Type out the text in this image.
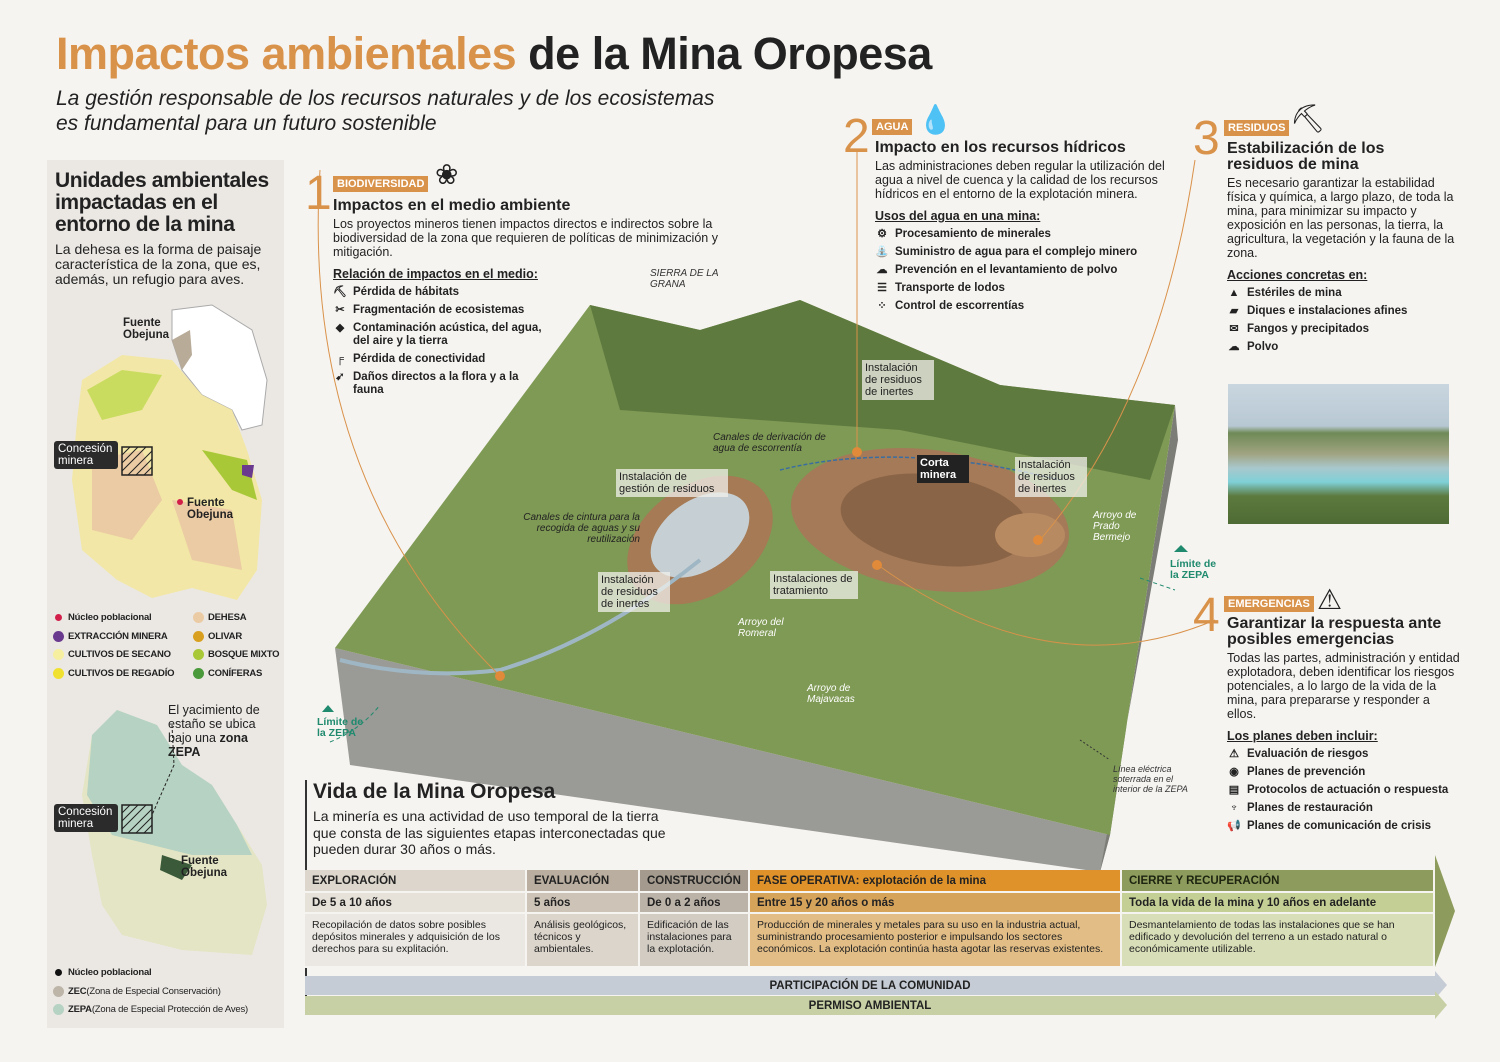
Impactos ambientales de la Mina Oropesa
La gestión responsable de los recursos naturales y de los ecosistemas
es fundamental para un futuro sostenible
Unidades ambientales impactadas en el entorno de la mina
La dehesa es la forma de paisaje característica de la zona, que es, además, un refugio para aves.
Fuente Obejuna
Concesión minera
Fuente Obejuna
Núcleo poblacional	DEHESA
EXTRACCIÓN MINERA	OLIVAR
CULTIVOS DE SECANO	BOSQUE MIXTO
CULTIVOS DE REGADÍO	CONÍFERAS
El yacimiento de estaño se ubica bajo una zona ZEPA
Concesión minera
Fuente Obejuna
Núcleo poblacional
ZEC (Zona de Especial Conservación)
ZEPA (Zona de Especial Protección de Aves)
SIERRA DE LA GRANA
Canales de derivación de agua de escorrentía
Instalación de residuos de inertes
Instalación de gestión de residuos
Corta minera
Instalación de residuos de inertes
Canales de cintura para la recogida de aguas y su reutilización
Instalación de residuos de inertes
Instalaciones de tratamiento
Arroyo de Prado Bermejo
Arroyo del Romeral
Arroyo de Majavacas
Línea eléctrica soterrada en el interior de la ZEPA
Límite de la ZEPA
Límite de la ZEPA
1 BIODIVERSIDAD ❀
Impactos en el medio ambiente
Los proyectos mineros tienen impactos directos e indirectos sobre la biodiversidad de la zona que requieren de políticas de minimización y mitigación.
Relación de impactos en el medio:
⛏ Pérdida de hábitats
✂ Fragmentación de ecosistemas
◆ Contaminación acústica, del agua, del aire y la tierra
╒ Pérdida de conectividad
➹ Daños directos a la flora y a la fauna
2 AGUA 💧
Impacto en los recursos hídricos
Las administraciones deben regular la utilización del agua a nivel de cuenca y la calidad de los recursos hídricos en el entorno de la explotación minera.
Usos del agua en una mina:
⚙ Procesamiento de minerales
⛲ Suministro de agua para el complejo minero
☁ Prevención en el levantamiento de polvo
☰ Transporte de lodos
⁘ Control de escorrentías
3 RESIDUOS ⛏
Estabilización de los residuos de mina
Es necesario garantizar la estabilidad física y química, a largo plazo, de toda la mina, para minimizar su impacto y exposición en las personas, la tierra, la agricultura, la vegetación y la fauna de la zona.
Acciones concretas en:
▲ Estériles de mina
▰ Diques e instalaciones afines
✉ Fangos y precipitados
☁ Polvo
4 EMERGENCIAS ⚠
Garantizar la respuesta ante posibles emergencias
Todas las partes, administración y entidad explotadora, deben identificar los riesgos potenciales, a lo largo de la vida de la mina, para prepararse y responder a ellos.
Los planes deben incluir:
⚠ Evaluación de riesgos
◉ Planes de prevención
▤ Protocolos de actuación o respuesta
♆ Planes de restauración
📢 Planes de comunicación de crisis
Vida de la Mina Oropesa
La minería es una actividad de uso temporal de la tierra que consta de las siguientes etapas interconectadas que pueden durar 30 años o más.
EXPLORACIÓN
De 5 a 10 años
Recopilación de datos sobre posibles depósitos minerales y adquisición de los derechos para su explitación.
EVALUACIÓN
5 años
Análisis geológicos, técnicos y ambientales.
CONSTRUCCIÓN
De 0 a 2 años
Edificación de las instalaciones para la explotación.
FASE OPERATIVA: explotación de la mina
Entre 15 y 20 años o más
Producción de minerales y metales para su uso en la industria actual, suministrando procesamiento posterior e impulsando los sectores económicos. La explotación continúa hasta agotar las reservas existentes.
CIERRE Y RECUPERACIÓN
Toda la vida de la mina y 10 años en adelante
Desmantelamiento de todas las instalaciones que se han edificado y devolución del terreno a un estado natural o económicamente utilizable.
PARTICIPACIÓN DE LA COMUNIDAD
PERMISO AMBIENTAL
